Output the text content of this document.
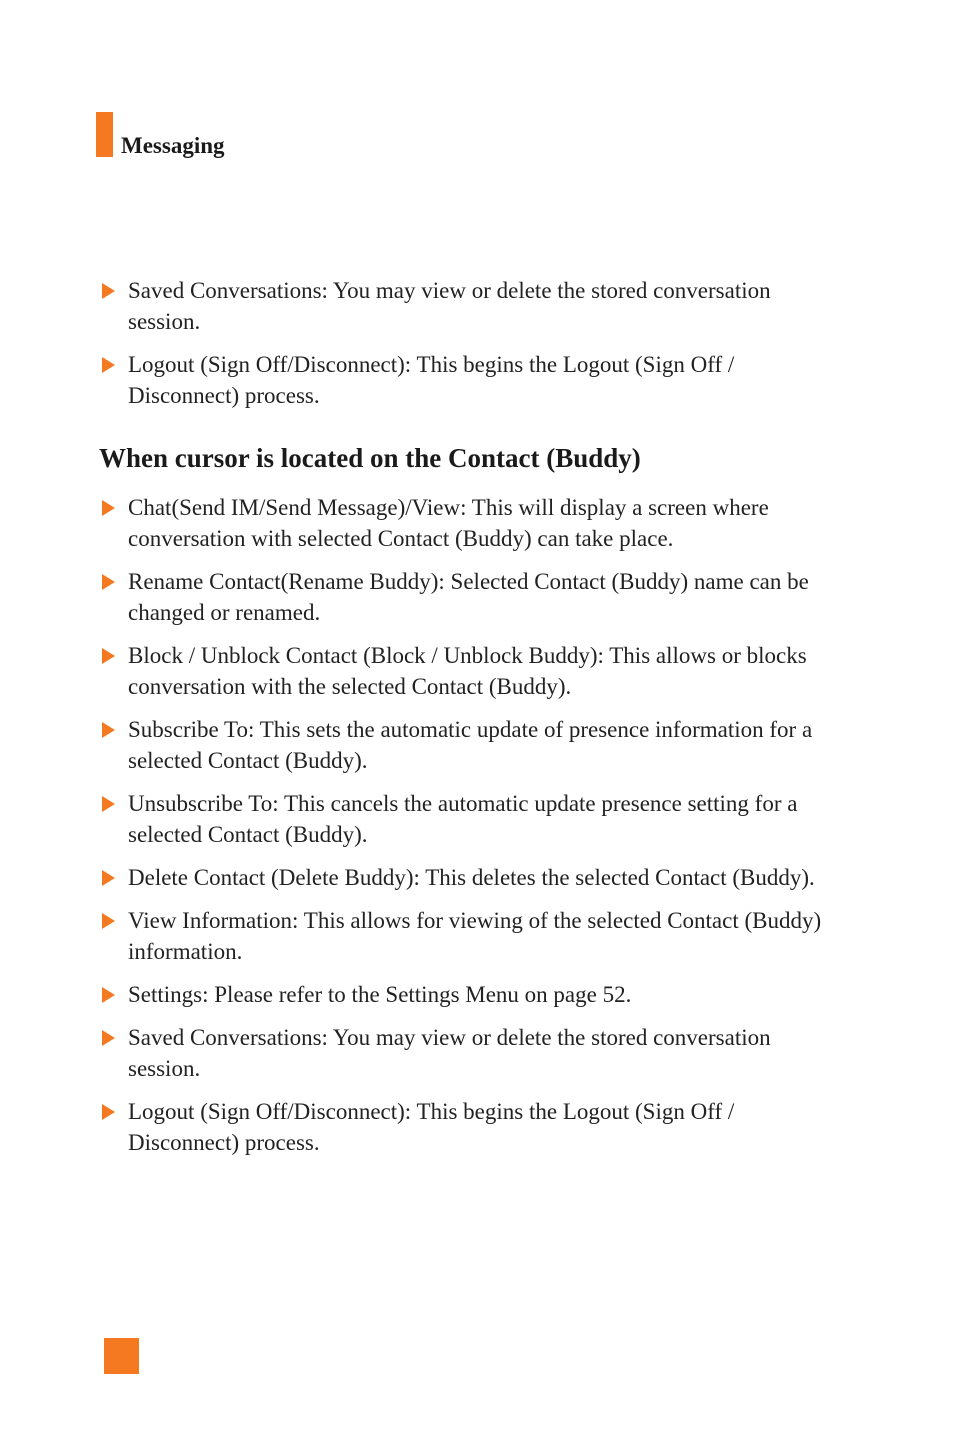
Messaging
Saved Conversations: You may view or delete the stored conversation session.
Logout (Sign Off/Disconnect): This begins the Logout (Sign Off / Disconnect) process.
When cursor is located on the Contact (Buddy)
Chat(Send IM/Send Message)/View: This will display a screen where conversation with selected Contact (Buddy) can take place.
Rename Contact(Rename Buddy): Selected Contact (Buddy) name can be changed or renamed.
Block / Unblock Contact (Block / Unblock Buddy): This allows or blocks conversation with the selected Contact (Buddy).
Subscribe To: This sets the automatic update of presence information for a selected Contact (Buddy).
Unsubscribe To: This cancels the automatic update presence setting for a selected Contact (Buddy).
Delete Contact (Delete Buddy): This deletes the selected Contact (Buddy).
View Information: This allows for viewing of the selected Contact (Buddy) information.
Settings: Please refer to the Settings Menu on page 52.
Saved Conversations: You may view or delete the stored conversation session.
Logout (Sign Off/Disconnect): This begins the Logout (Sign Off / Disconnect) process.
